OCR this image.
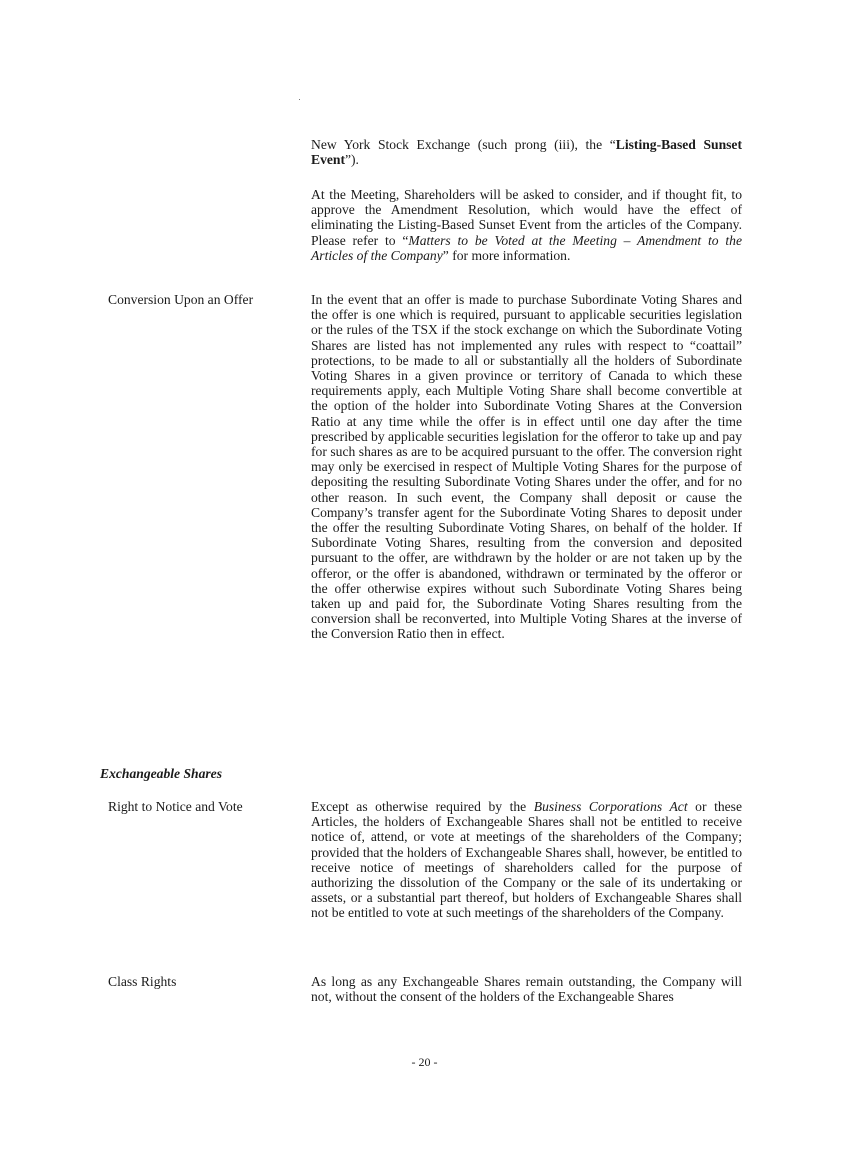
New York Stock Exchange (such prong (iii), the “Listing-Based Sunset Event”).

At the Meeting, Shareholders will be asked to consider, and if thought fit, to approve the Amendment Resolution, which would have the effect of eliminating the Listing-Based Sunset Event from the articles of the Company. Please refer to “Matters to be Voted at the Meeting – Amendment to the Articles of the Company” for more information.

Conversion Upon an Offer	In the event that an offer is made to purchase Subordinate Voting Shares and the offer is one which is required, pursuant to applicable securities legislation or the rules of the TSX if the stock exchange on which the Subordinate Voting Shares are listed has not implemented any rules with respect to “coattail” protections, to be made to all or substantially all the holders of Subordinate Voting Shares in a given province or territory of Canada to which these requirements apply, each Multiple Voting Share shall become convertible at the option of the holder into Subordinate Voting Shares at the Conversion Ratio at any time while the offer is in effect until one day after the time prescribed by applicable securities legislation for the offeror to take up and pay for such shares as are to be acquired pursuant to the offer. The conversion right may only be exercised in respect of Multiple Voting Shares for the purpose of depositing the resulting Subordinate Voting Shares under the offer, and for no other reason. In such event, the Company shall deposit or cause the Company’s transfer agent for the Subordinate Voting Shares to deposit under the offer the resulting Subordinate Voting Shares, on behalf of the holder. If Subordinate Voting Shares, resulting from the conversion and deposited pursuant to the offer, are withdrawn by the holder or are not taken up by the offeror, or the offer is abandoned, withdrawn or terminated by the offeror or the offer otherwise expires without such Subordinate Voting Shares being taken up and paid for, the Subordinate Voting Shares resulting from the conversion shall be reconverted, into Multiple Voting Shares at the inverse of the Conversion Ratio then in effect.

Exchangeable Shares

Right to Notice and Vote	Except as otherwise required by the Business Corporations Act or these Articles, the holders of Exchangeable Shares shall not be entitled to receive notice of, attend, or vote at meetings of the shareholders of the Company; provided that the holders of Exchangeable Shares shall, however, be entitled to receive notice of meetings of shareholders called for the purpose of authorizing the dissolution of the Company or the sale of its undertaking or assets, or a substantial part thereof, but holders of Exchangeable Shares shall not be entitled to vote at such meetings of the shareholders of the Company.

Class Rights	As long as any Exchangeable Shares remain outstanding, the Company will not, without the consent of the holders of the Exchangeable Shares

- 20 -
